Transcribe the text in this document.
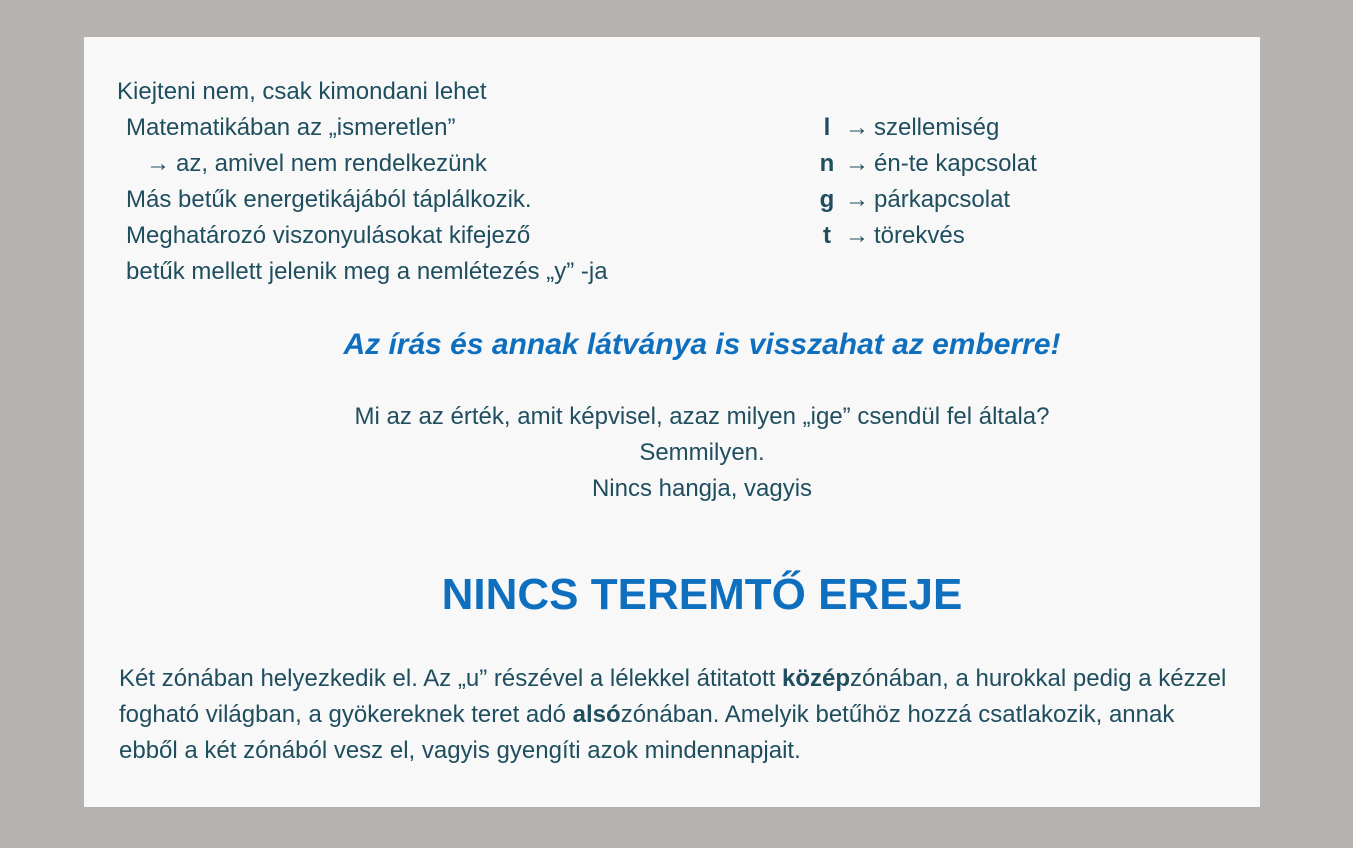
Kiejteni nem, csak kimondani lehet
Matematikában az „ismeretlen”
→ az, amivel nem rendelkezünk
Más betűk energetikájából táplálkozik.
Meghatározó viszonyulásokat kifejező
betűk mellett jelenik meg a nemlétezés „y” -ja
l → szellemiség
n → én-te kapcsolat
g → párkapcsolat
t → törekvés
Az írás és annak látványa is visszahat az emberre!
Mi az az érték, amit képvisel, azaz milyen „ige” csendül fel általa?
Semmilyen.
Nincs hangja, vagyis
NINCS TEREMTŐ EREJE
Két zónában helyezkedik el. Az „u” részével a lélekkel átitatott középzónában, a hurokkal pedig a kézzel fogható világban, a gyökereknek teret adó alsózónában. Amelyik betűhöz hozzá csatlakozik, annak ebből a két zónából vesz el, vagyis gyengíti azok mindennapjait.
